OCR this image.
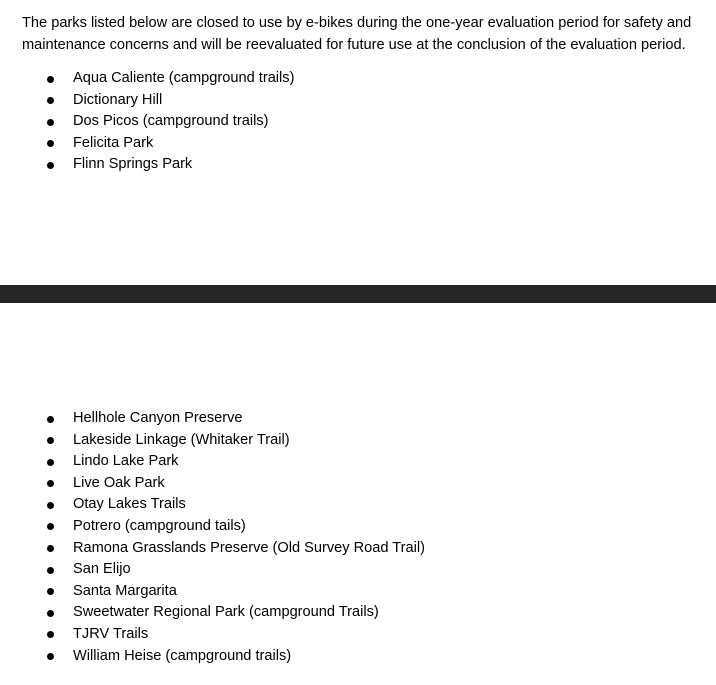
The parks listed below are closed to use by e-bikes during the one-year evaluation period for safety and maintenance concerns and will be reevaluated for future use at the conclusion of the evaluation period.

Aqua Caliente (campground trails)
Dictionary Hill
Dos Picos (campground trails)
Felicita Park
Flinn Springs Park
Hellhole Canyon Preserve
Lakeside Linkage (Whitaker Trail)
Lindo Lake Park
Live Oak Park
Otay Lakes Trails
Potrero (campground tails)
Ramona Grasslands Preserve (Old Survey Road Trail)
San Elijo
Santa Margarita
Sweetwater Regional Park (campground Trails)
TJRV Trails
William Heise (campground trails)
